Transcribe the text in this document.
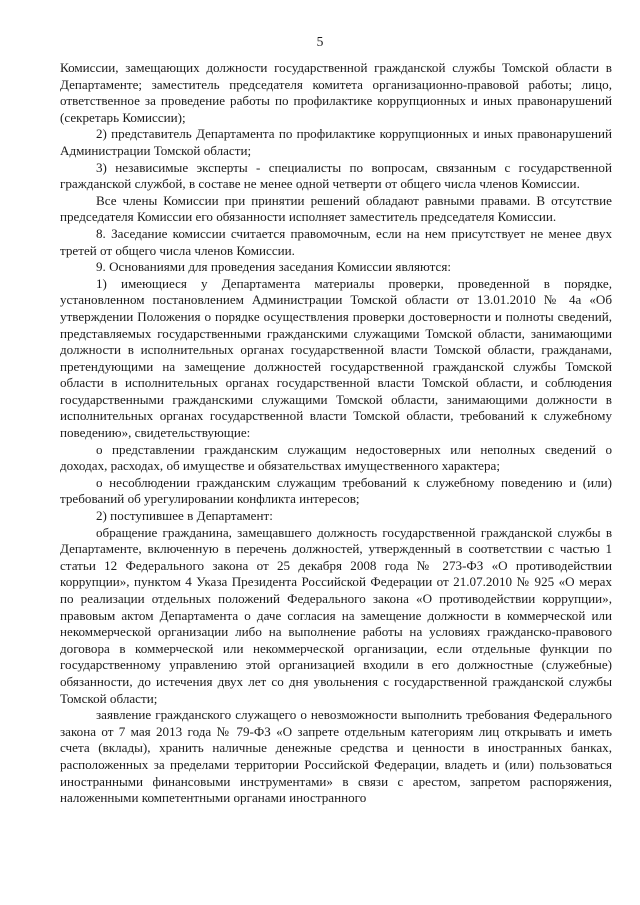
5

Комиссии, замещающих должности государственной гражданской службы Томской области в Департаменте; заместитель председателя комитета организационно-правовой работы; лицо, ответственное за проведение работы по профилактике коррупционных и иных правонарушений (секретарь Комиссии);

2) представитель Департамента по профилактике коррупционных и иных правонарушений Администрации Томской области;

3) независимые эксперты - специалисты по вопросам, связанным с государственной гражданской службой, в составе не менее одной четверти от общего числа членов Комиссии.

Все члены Комиссии при принятии решений обладают равными правами. В отсутствие председателя Комиссии его обязанности исполняет заместитель председателя Комиссии.

8. Заседание комиссии считается правомочным, если на нем присутствует не менее двух третей от общего числа членов Комиссии.

9. Основаниями для проведения заседания Комиссии являются:

1) имеющиеся у Департамента материалы проверки, проведенной в порядке, установленном постановлением Администрации Томской области от 13.01.2010 № 4а «Об утверждении Положения о порядке осуществления проверки достоверности и полноты сведений, представляемых государственными гражданскими служащими Томской области, занимающими должности в исполнительных органах государственной власти Томской области, гражданами, претендующими на замещение должностей государственной гражданской службы Томской области в исполнительных органах государственной власти Томской области, и соблюдения государственными гражданскими служащими Томской области, занимающими должности в исполнительных органах государственной власти Томской области, требований к служебному поведению», свидетельствующие:

о представлении гражданским служащим недостоверных или неполных сведений о доходах, расходах, об имуществе и обязательствах имущественного характера;

о несоблюдении гражданским служащим требований к служебному поведению и (или) требований об урегулировании конфликта интересов;

2) поступившее в Департамент:

обращение гражданина, замещавшего должность государственной гражданской службы в Департаменте, включенную в перечень должностей, утвержденный в соответствии с частью 1 статьи 12 Федерального закона от 25 декабря 2008 года № 273-ФЗ «О противодействии коррупции», пунктом 4 Указа Президента Российской Федерации от 21.07.2010 № 925 «О мерах по реализации отдельных положений Федерального закона «О противодействии коррупции», правовым актом Департамента о даче согласия на замещение должности в коммерческой или некоммерческой организации либо на выполнение работы на условиях гражданско-правового договора в коммерческой или некоммерческой организации, если отдельные функции по государственному управлению этой организацией входили в его должностные (служебные) обязанности, до истечения двух лет со дня увольнения с государственной гражданской службы Томской области;

заявление гражданского служащего о невозможности выполнить требования Федерального закона от 7 мая 2013 года № 79-ФЗ «О запрете отдельным категориям лиц открывать и иметь счета (вклады), хранить наличные денежные средства и ценности в иностранных банках, расположенных за пределами территории Российской Федерации, владеть и (или) пользоваться иностранными финансовыми инструментами» в связи с арестом, запретом распоряжения, наложенными компетентными органами иностранного
